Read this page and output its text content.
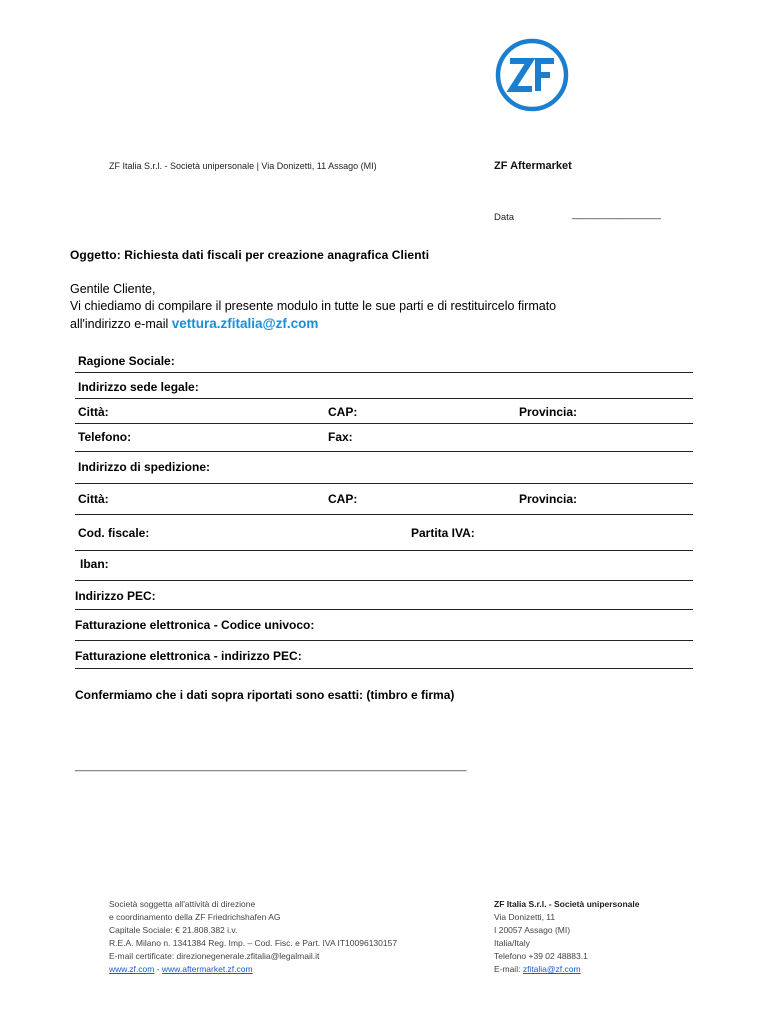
ZF
ZF Italia S.r.l. - Società unipersonale | Via Donizetti, 11 Assago (MI)	ZF Aftermarket
Data	________________
Oggetto: Richiesta dati fiscali per creazione anagrafica Clienti
Gentile Cliente,
Vi chiediamo di compilare il presente modulo in tutte le sue parti e di restituircelo firmato
all'indirizzo e-mail vettura.zfitalia@zf.com
Ragione Sociale:
Indirizzo sede legale:
Città:	CAP:	Provincia:
Telefono:	Fax:
Indirizzo di spedizione:
Città:	CAP:	Provincia:
Cod. fiscale:	Partita IVA:
Iban:
Indirizzo PEC:
Fatturazione elettronica - Codice univoco:
Fatturazione elettronica - indirizzo PEC:
Confermiamo che i dati sopra riportati sono esatti: (timbro e firma)
________________________________________________________________
Società soggetta all'attività di direzione
e coordinamento della ZF Friedrichshafen AG
Capitale Sociale: € 21.808.382 i.v.
R.E.A. Milano n. 1341384 Reg. Imp. – Cod. Fisc. e Part. IVA IT10096130157
E-mail certificate: direzionegenerale.zfitalia@legalmail.it
www.zf.com - www.aftermarket.zf.com
ZF Italia S.r.l. - Società unipersonale
Via Donizetti, 11
I 20057 Assago (MI)
Italia/Italy
Telefono +39 02 48883.1
E-mail: zfitalia@zf.com
